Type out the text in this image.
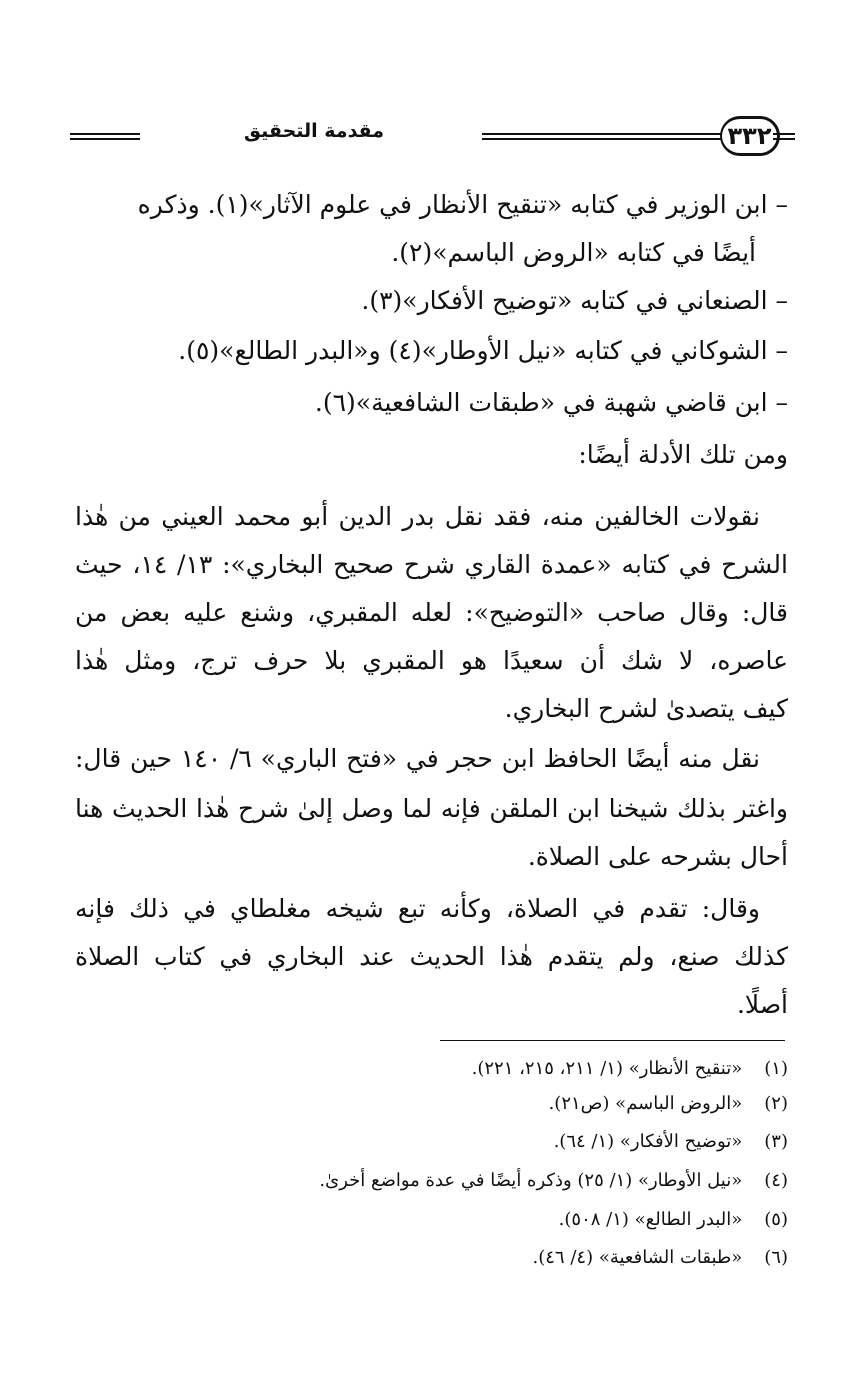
مقدمة التحقيق	٣٣٢
– ابن الوزير في كتابه «تنقيح الأنظار في علوم الآثار»(١). وذكره
أيضًا في كتابه «الروض الباسم»(٢).
– الصنعاني في كتابه «توضيح الأفكار»(٣).
– الشوكاني في كتابه «نيل الأوطار»(٤) و«البدر الطالع»(٥).
– ابن قاضي شهبة في «طبقات الشافعية»(٦).
ومن تلك الأدلة أيضًا:
نقولات الخالفين منه، فقد نقل بدر الدين أبو محمد العيني من هٰذا
الشرح في كتابه «عمدة القاري شرح صحيح البخاري»: ١٣/ ١٤، حيث
قال: وقال صاحب «التوضيح»: لعله المقبري، وشنع عليه بعض من
عاصره، لا شك أن سعيدًا هو المقبري بلا حرف ترج، ومثل هٰذا
كيف يتصدىٰ لشرح البخاري.
نقل منه أيضًا الحافظ ابن حجر في «فتح الباري» ٦/ ١٤٠ حين قال:
واغتر بذلك شيخنا ابن الملقن فإنه لما وصل إلىٰ شرح هٰذا الحديث هنا
أحال بشرحه على الصلاة.
وقال: تقدم في الصلاة، وكأنه تبع شيخه مغلطاي في ذلك فإنه
كذلك صنع، ولم يتقدم هٰذا الحديث عند البخاري في كتاب الصلاة
أصلًا.
(١) «تنقيح الأنظار» (١/ ٢١١، ٢١٥، ٢٢١).
(٢) «الروض الباسم» (ص٢١).
(٣) «توضيح الأفكار» (١/ ٦٤).
(٤) «نيل الأوطار» (١/ ٢٥) وذكره أيضًا في عدة مواضع أخرىٰ.
(٥) «البدر الطالع» (١/ ٥٠٨).
(٦) «طبقات الشافعية» (٤/ ٤٦).
